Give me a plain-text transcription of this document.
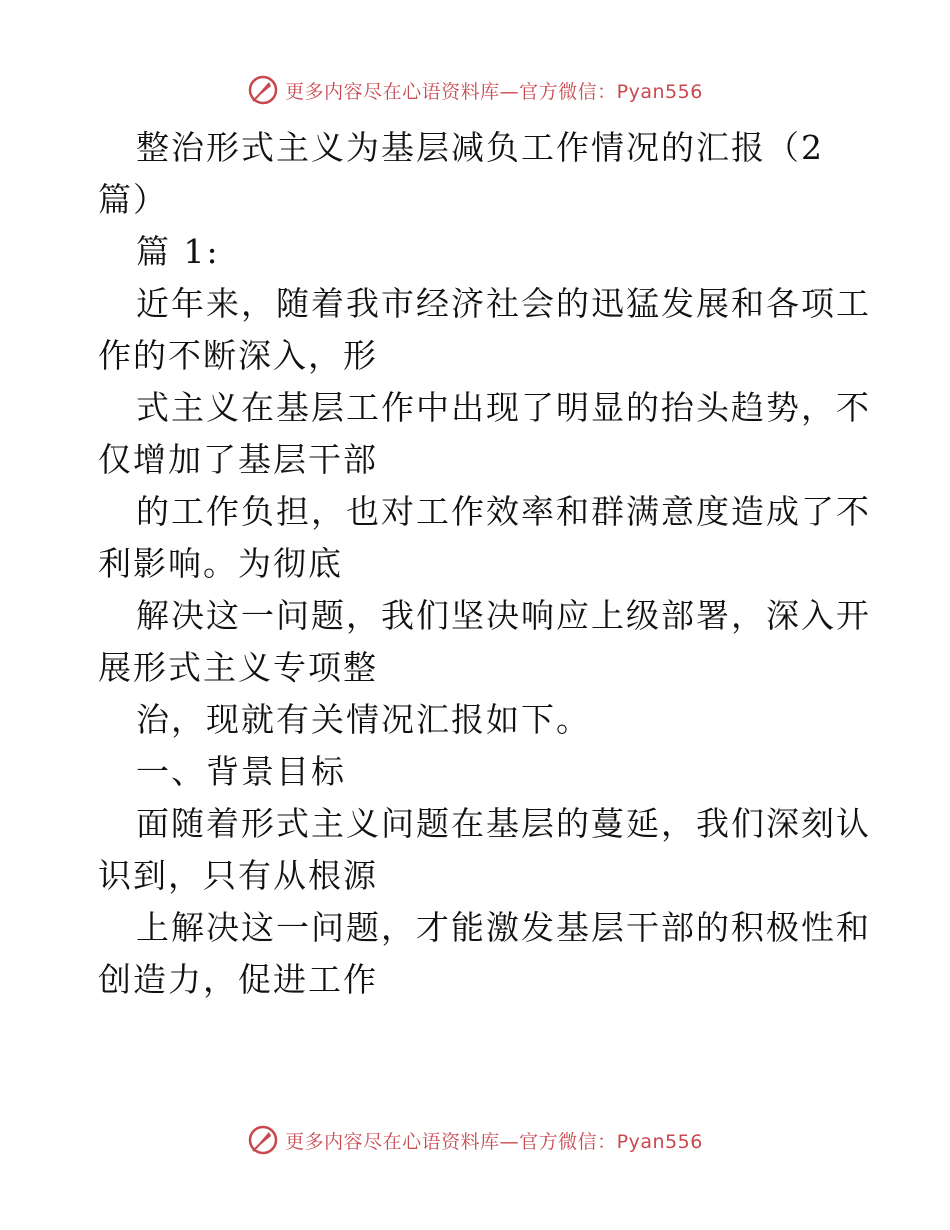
更多内容尽在心语资料库—官方微信：Pyan556
整治形式主义为基层减负工作情况的汇报（2
篇）
篇 1:
近年来，随着我市经济社会的迅猛发展和各项工
作的不断深入，形
式主义在基层工作中出现了明显的抬头趋势，不
仅增加了基层干部
的工作负担，也对工作效率和群满意度造成了不
利影响。为彻底
解决这一问题，我们坚决响应上级部署，深入开
展形式主义专项整
治，现就有关情况汇报如下。
一、背景目标
面随着形式主义问题在基层的蔓延，我们深刻认
识到，只有从根源
上解决这一问题，才能激发基层干部的积极性和
创造力，促进工作
更多内容尽在心语资料库—官方微信：Pyan556
